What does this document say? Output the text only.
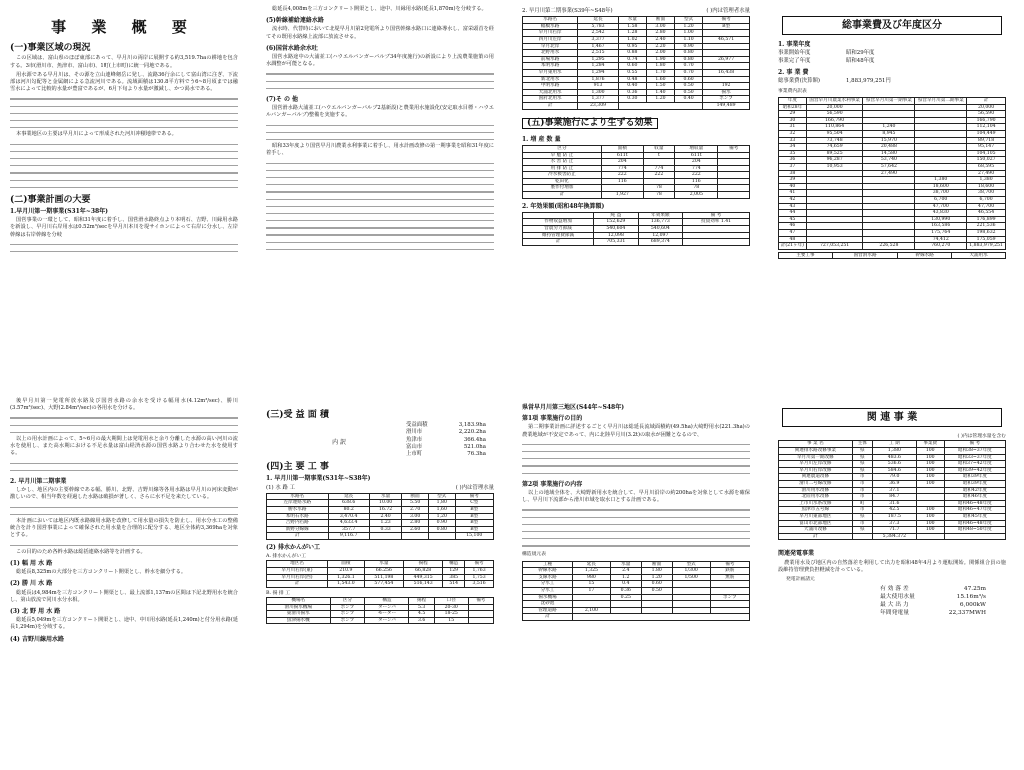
事 業 概 要
(一)事業区域の現況

この区域は、富山県のほぼ東部にあって、早月川の両岸に展開する約3,519.7haの耕地を包含する。3市(滑川市、魚津市、富山市)、1町(上市町)に統一同地である。

用水源である早月川は、その源を立山連峰剱岳に発し、流路36行余にして富山湾に注ぎ、下流部は河川勾配等と金属網による急流河川である。流域面積は130.8平方料でう6~8月頃までは融雪水によって比較的水量が豊富であるが、6月下旬より水量が激減し、かつ渇水である。

本事業地区の主要は早月川によって形成された河川冲積地帯である。

(二)事業計画の大要
1.早月川第一期事業(S31年~38年)

国営事業の一環として、昭和31年度に着手し、国営滑水路終点より本明石、吉野、川縁用水路を新設し、早月川右岸用水は0.52m³/secを早月川本川を堤サイホンによって右岸に分水し、左岸幹線は右岸幹線を分岐

総延長4,008mを三方コンクリート開渠とし、途中、川縁用水路(延長1,870m)を分岐する。

(5)幹線補給連絡水路

流水時、代替時において北堤早月川第2発電所より国営幹線水路口に連絡導水し、富栄頭首を経てその既用水路線上流部に放流させる。

(6)国営水路余水吐

国営水路途中の大浦並工(ハウエルバンガーバルブ34年度施行)の新設により上流農業施策の用水調整が可能となる。

(7)そ の 他

国営滑水路大浦並工(ハウエルバンガーバルブ2基新設)と農業用水施設化(安定取水目標・ハウエルバンガーバルブ)整備を実施する。

昭和33年度より国営早月川農業水利事業に着手し、用水計画改修の第一期事業を昭和31年度に着手し、

2. 早月川第二期事業(S39年~S48年)	( )内は管理者水量
水路名	延長	水量	断面	型式	備考
幅橋水路	5,783	1.58	3.00	1.20	B型
早月川右岸	2,542	1.28	2.80	1.00	
四月川左岸	3,377	1.02	2.40	1.10	46,571
早月北岸	1,467	0.95	2.20	0.90	
北野用水	2,515	0.88	2.00	0.80	
前場水路	1,295	0.74	1.90	0.80	26,977
本明水路	1,284	0.60	1.80	0.70	
早月東用水	1,294	0.55	1.70	0.70	16,438
新北用水	1,876	0.48	1.60	0.60	
中明水路	913	0.40	1.50	0.50	192
大浦北用水	1,300	0.36	1.40	0.50	揚水
国府北用水	1,377	0.30	1.20	0.40	ポンプ
計	23,309				149,489
(五)事業施行により生ずる効果
1. 増 産 数 量
区分	面積	収量	増収量	備考
早 魃 防 止	611t	t	611t	
水 害 防 止	204		204	
用 排 防 止	774	774	774	
冷水被害防止	222	222	222	
乾田化	116		116	
裏作付増加		78	78	
計	1,927	78	2,005	
2. 年効果額(昭和48年換算額)
	純 益	年効果額	備 考
作物収益増加	152,629	136,773	投資効率 1.41
営農労力節減	540,604	540,604	
維持管理費節減	12,098	12,097	
計	705,331	689,374	
総事業費及び年度区分
1. 事業年度
事業開始年度	昭和29年度
事業完了年度	昭和48年度
2. 事 業 費
総事業費(決算額)	1,883,979,251円
事業費内訳表
年度	国営早月川農業水利事業	県営早月川第一期事業	県営早月川第二期事業	計
昭和28年	20,000			20,000
29	56,590			56,590
30	166,790			166,790
31	110,864	1,240		112,104
32	95,504	8,945		104,449
33	73,748	15,970		89,718
34	74,659	20,488		95,147
35	89,525	14,580		104,105
36	96,287	53,740		150,027
37	10,953	57,642		68,595
38		27,490		27,490
39			1,380	1,380
40			18,600	18,600
41			38,700	38,700
42			6,700	6,700
43			47,700	47,700
44			43,830	46,554
45			130,990	176,899
46			163,586	221,536
47			175,764	198,632
48			74,412	175,059
計(21ヶ年)	727,053,251	226,528	760,270	1,883,979,251
主要工事	国営滑水路	幹線水路	大浦用水

後早月川第一発電所放水路及び国営水路の余水を受ける幅用水(4.12m³/sec)、勝川(3.57m³/sec)、大野(2.84m³/sec)の各用水を分ける。

以上の用水計画によって、5~6月の最大期間上は発電用水と余り分離した水源の高い河川の流水を使用し、また高水期における不足水量は富山経済水源の国営水路より合わせた水を使用する。

2. 早月川第二期事業

しかし、地区内の主要幹線である幅、勝川、北野、吉野川線等各用水路は早月川の河床変動が激しいので、相当年数を経過した水路は破損が著しく、さらに水不足を来たしている。

本計画においては地区内既水路線用水路を改修して用水量の損失を防止し、用水分水工の整備統合を計り国営事業によって確保された用水量を合理的に配分する、地区全体約3,369haを対象とする。

この目的のため各幹水路は総括連絡水路等を計画する。

(1) 幅 用 水 路

総延長8,325mの大部分を三方コンクリート開渠とし、幹水を細分する。

(2) 勝 川 水 路

総延長は4,984mを三方コンクリート開渠とし、最上流部1,137mの区間は下記北野用水を統合し、第山放流で同川水分水相。

(3) 北 野 用 水 路

総延長5,049mを三方コンクリート開渠とし、途中、中川用水路(延長1,240m)と付分用水路(延長1,294m)を分岐する。

(4) 吉野川線用水路
(三)受 益 面 積
受益面積	3,183.9ha
内 訳
滑川市	2,220.2ha
魚津市	366.4ha
富山市	521.0ha
上市町	76.3ha
(四)主 要 工 事
1. 早月川第一期事業(S31年~S38年)
(1) 水 路 工	( )内は管理水量
水路名	延長	水量	断面	型式	備考
左岸連絡水路	638.6	10.00	5.50	1,80	C型
勝水水路	80.2	16.72	2.70	1,60	B型
本明石水路	3,470.4	2.40	3.00	1,20	B型
吉野内右路	4,633.4	1.23	2.80	0.90	B型
新野分線線	357.7	0.33	2.60	0.80	B型
計	9,116.7				15,100
(2) 排水かんがい工
A. 排水かんがい工
地区名	面積	水量	揚程	構造	備考
早月川右岸(東)	210.9	66.256	66,828	129	1,763
早月川右岸(西)	1,326.1	511,198	449,315	385	1,753
計	1,543.0	577,454	516,143	514	3,516
B. 揚 排 工
機場名	区分	構造	揚程	口径	備考
滑川揚水機場	ポンプ	ターンバ	5.3	20-30	
東滑川揚水	ポンプ	モーター	4.5	18-25	
魚津揚水機	ポンプ	ターンバ	3.6	15	
県営早月川第三地区(S44年~S48年)
第1項 事業施行の目的

第二期事業計画に詳述するごとく早月川は総延長流域面積約(49.5ha)大崎野用水(221.3ha)の農業地域が不安定であって、内に北陸早月川(3.2t)の取水が困難となるので、

第2項 事業施行の内容

以上の地域全体を、大崎野新用水を統合して、早月川沿岸の約200haを対象として水源を確保し、早月川下流部から滑川市域を取水口とする計画である。

構造規元表
工種	延長	水量	断面	型式	備考
幹線水路	1,325	2.4	1.80	1/300	鉄筋
支線水路	980	1.2	1.20	1/500	無筋
分水工	15	0.4	0.60		
分水工	17	0.36	0.50		
揚水機場		0.25			ポンプ
沈砂池					
管理道路	2,100				
計					
関 連 事 業
( )内は管理水量を含む
事 業 名	主体	工 期	事業費	備 考
関連排水路改修事業	県	1,380	100	昭和38~37年度
早月川第一期改修	県	483.6	100	昭和33~37年度
早月川左岸改修	県	536.6	100	昭和37~42年度
早月川右岸改修	県	584.6	100	昭和39~42年度
関連農道改修	市	79.0	100	昭和39年度
滑川二号線改修	市	36.9	100	昭和39年度
滑川用水改修	市	37.1		昭和42年度
北陸用水改修	市	84.7		昭和46年度
上市川水系改修	町	31.6		昭和46~48年度
魚津市五号線	市	42.5	100	昭和46~47年度
早月川東部地区	県	187.5	100	昭和45年度
富山市北部地区	市	37.3	100	昭和46~48年度
大浦川改修	県	71.7	100	昭和48~50年度
計		5,384.372		
関連発電事業

農業用水及び地区内の自然落差を利用して出力を昭和48年4月より運転開始。関係組合員の施設維持管理費負担軽減を計っている。

発電計画諸元
有 効 落 差	47.25m
最大使用水量	15.16m³/s
最 大 出 力	6,000kW
年間発電量	22,337MWH
